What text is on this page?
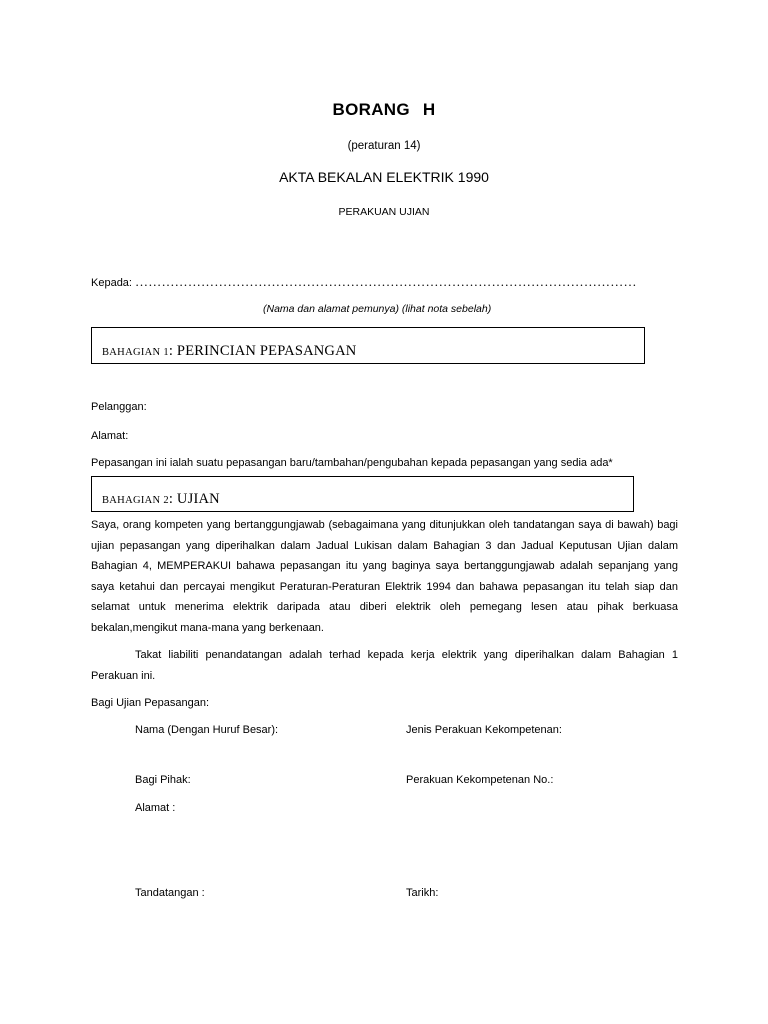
BORANG H
(peraturan 14)
AKTA BEKALAN ELEKTRIK 1990
PERAKUAN UJIAN
Kepada: ……………………………………………………………………………………………………
(Nama dan alamat pemunya) (lihat nota sebelah)
BAHAGIAN 1: PERINCIAN PEPASANGAN
Pelanggan:
Alamat:
Pepasangan ini ialah suatu pepasangan baru/tambahan/pengubahan kepada pepasangan yang sedia ada*
BAHAGIAN 2: UJIAN
Saya, orang kompeten yang bertanggungjawab (sebagaimana yang ditunjukkan oleh tandatangan saya di bawah) bagi ujian pepasangan yang diperihalkan dalam Jadual Lukisan dalam Bahagian 3 dan Jadual Keputusan Ujian dalam Bahagian 4, MEMPERAKUI bahawa pepasangan itu yang baginya saya bertanggungjawab adalah sepanjang yang saya ketahui dan percayai mengikut Peraturan-Peraturan Elektrik 1994 dan bahawa pepasangan itu telah siap dan selamat untuk menerima elektrik daripada atau diberi elektrik oleh pemegang lesen atau pihak berkuasa bekalan,mengikut mana-mana yang berkenaan.
Takat liabiliti penandatangan adalah terhad kepada kerja elektrik yang diperihalkan dalam Bahagian 1 Perakuan ini.
Bagi Ujian Pepasangan:
Nama (Dengan Huruf Besar):	Jenis Perakuan Kekompetenan:
Bagi Pihak:	Perakuan Kekompetenan No.:
Alamat :
Tandatangan :	Tarikh:
